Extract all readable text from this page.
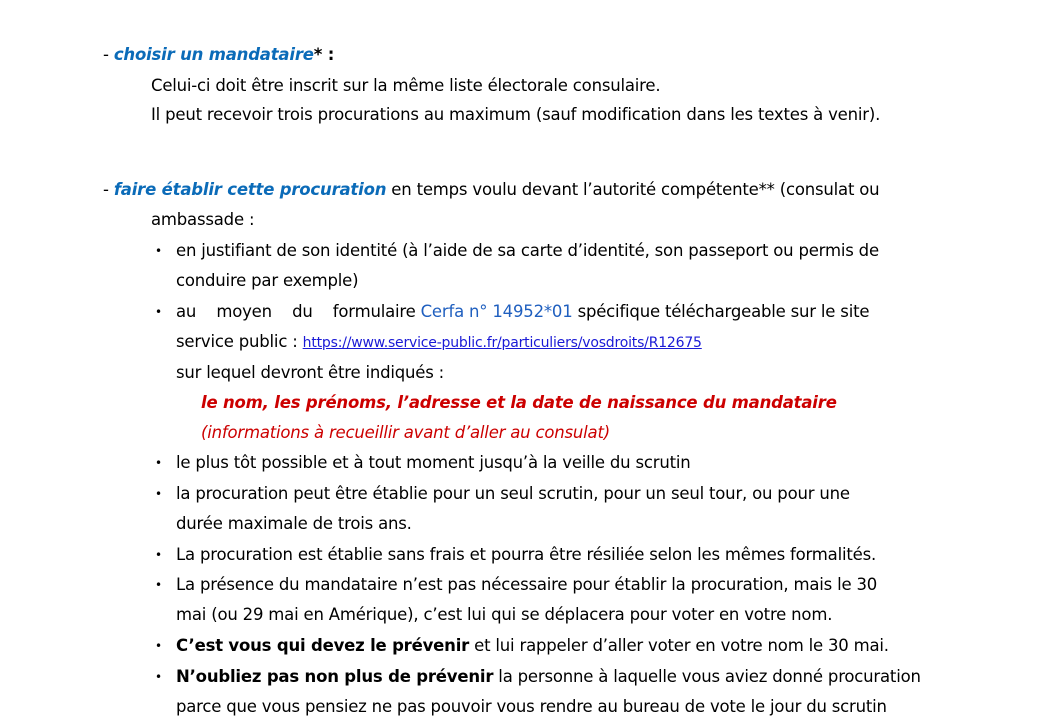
- choisir un mandataire* :
Celui-ci doit être inscrit sur la même liste électorale consulaire.
Il peut recevoir trois procurations au maximum (sauf modification dans les textes à venir).
- faire établir cette procuration en temps voulu devant l’autorité compétente** (consulat ou
ambassade :
• en justifiant de son identité (à l’aide de sa carte d’identité, son passeport ou permis de
conduire par exemple)
• au    moyen    du    formulaire Cerfa n° 14952*01 spécifique téléchargeable sur le site
service public : https://www.service-public.fr/particuliers/vosdroits/R12675
sur lequel devront être indiqués :
le nom, les prénoms, l’adresse et la date de naissance du mandataire
(informations à recueillir avant d’aller au consulat)
• le plus tôt possible et à tout moment jusqu’à la veille du scrutin
• la procuration peut être établie pour un seul scrutin, pour un seul tour, ou pour une
durée maximale de trois ans.
• La procuration est établie sans frais et pourra être résiliée selon les mêmes formalités.
• La présence du mandataire n’est pas nécessaire pour établir la procuration, mais le 30
mai (ou 29 mai en Amérique), c’est lui qui se déplacera pour voter en votre nom.
• C’est vous qui devez le prévenir et lui rappeler d’aller voter en votre nom le 30 mai.
• N’oubliez pas non plus de prévenir la personne à laquelle vous aviez donné procuration
parce que vous pensiez ne pas pouvoir vous rendre au bureau de vote le jour du scrutin
